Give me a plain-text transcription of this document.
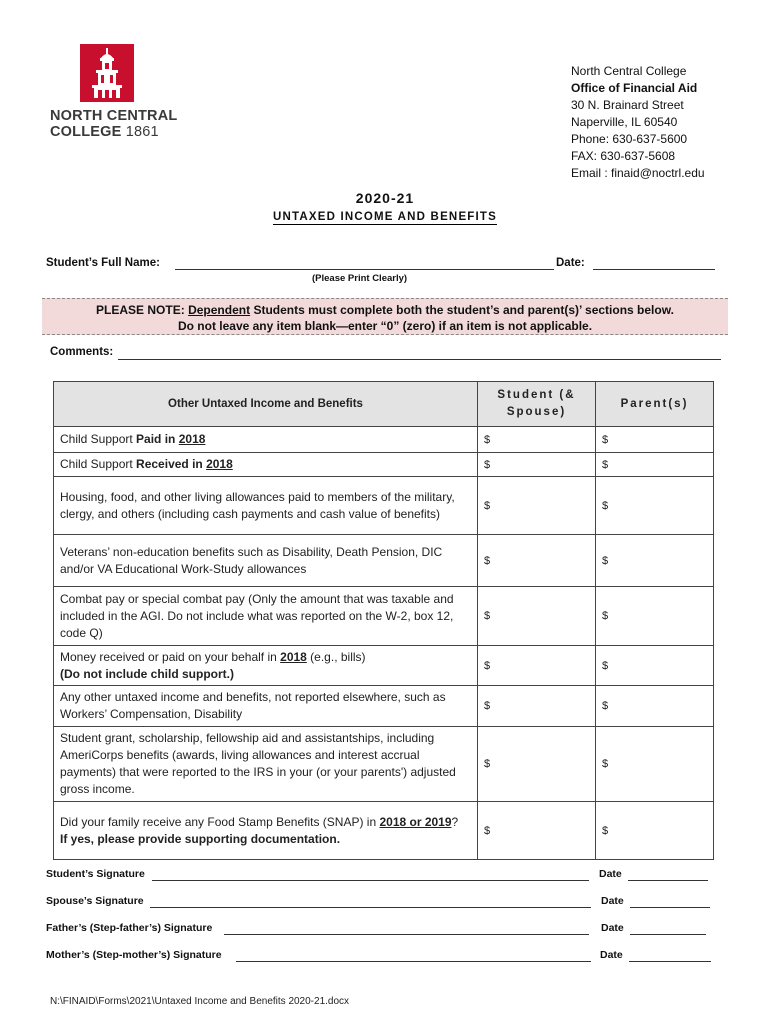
NORTH CENTRAL
COLLEGE 1861
North Central College
Office of Financial Aid
30 N. Brainard Street
Naperville, IL 60540
Phone: 630-637-5600
FAX: 630-637-5608
Email : finaid@noctrl.edu
2020-21
UNTAXED INCOME AND BENEFITS
Student’s Full Name:	Date:
(Please Print Clearly)
PLEASE NOTE: Dependent Students must complete both the student’s and parent(s)’ sections below.
Do not leave any item blank—enter “0” (zero) if an item is not applicable.
Comments:
Other Untaxed Income and Benefits	Student (& Spouse)	Parent(s)
Child Support Paid in 2018	$	$
Child Support Received in 2018	$	$
Housing, food, and other living allowances paid to members of the military, clergy, and others (including cash payments and cash value of benefits)	$	$
Veterans’ non-education benefits such as Disability, Death Pension, DIC and/or VA Educational Work-Study allowances	$	$
Combat pay or special combat pay (Only the amount that was taxable and included in the AGI. Do not include what was reported on the W-2, box 12, code Q)	$	$
Money received or paid on your behalf in 2018 (e.g., bills)
(Do not include child support.)	$	$
Any other untaxed income and benefits, not reported elsewhere, such as Workers’ Compensation, Disability	$	$
Student grant, scholarship, fellowship aid and assistantships, including AmeriCorps benefits (awards, living allowances and interest accrual payments) that were reported to the IRS in your (or your parents') adjusted gross income.	$	$
Did your family receive any Food Stamp Benefits (SNAP) in 2018 or 2019?
If yes, please provide supporting documentation.	$	$
Student’s Signature	Date
Spouse’s Signature	Date
Father’s (Step-father’s) Signature	Date
Mother’s (Step-mother’s) Signature	Date
N:\FINAID\Forms\2021\Untaxed Income and Benefits 2020-21.docx
